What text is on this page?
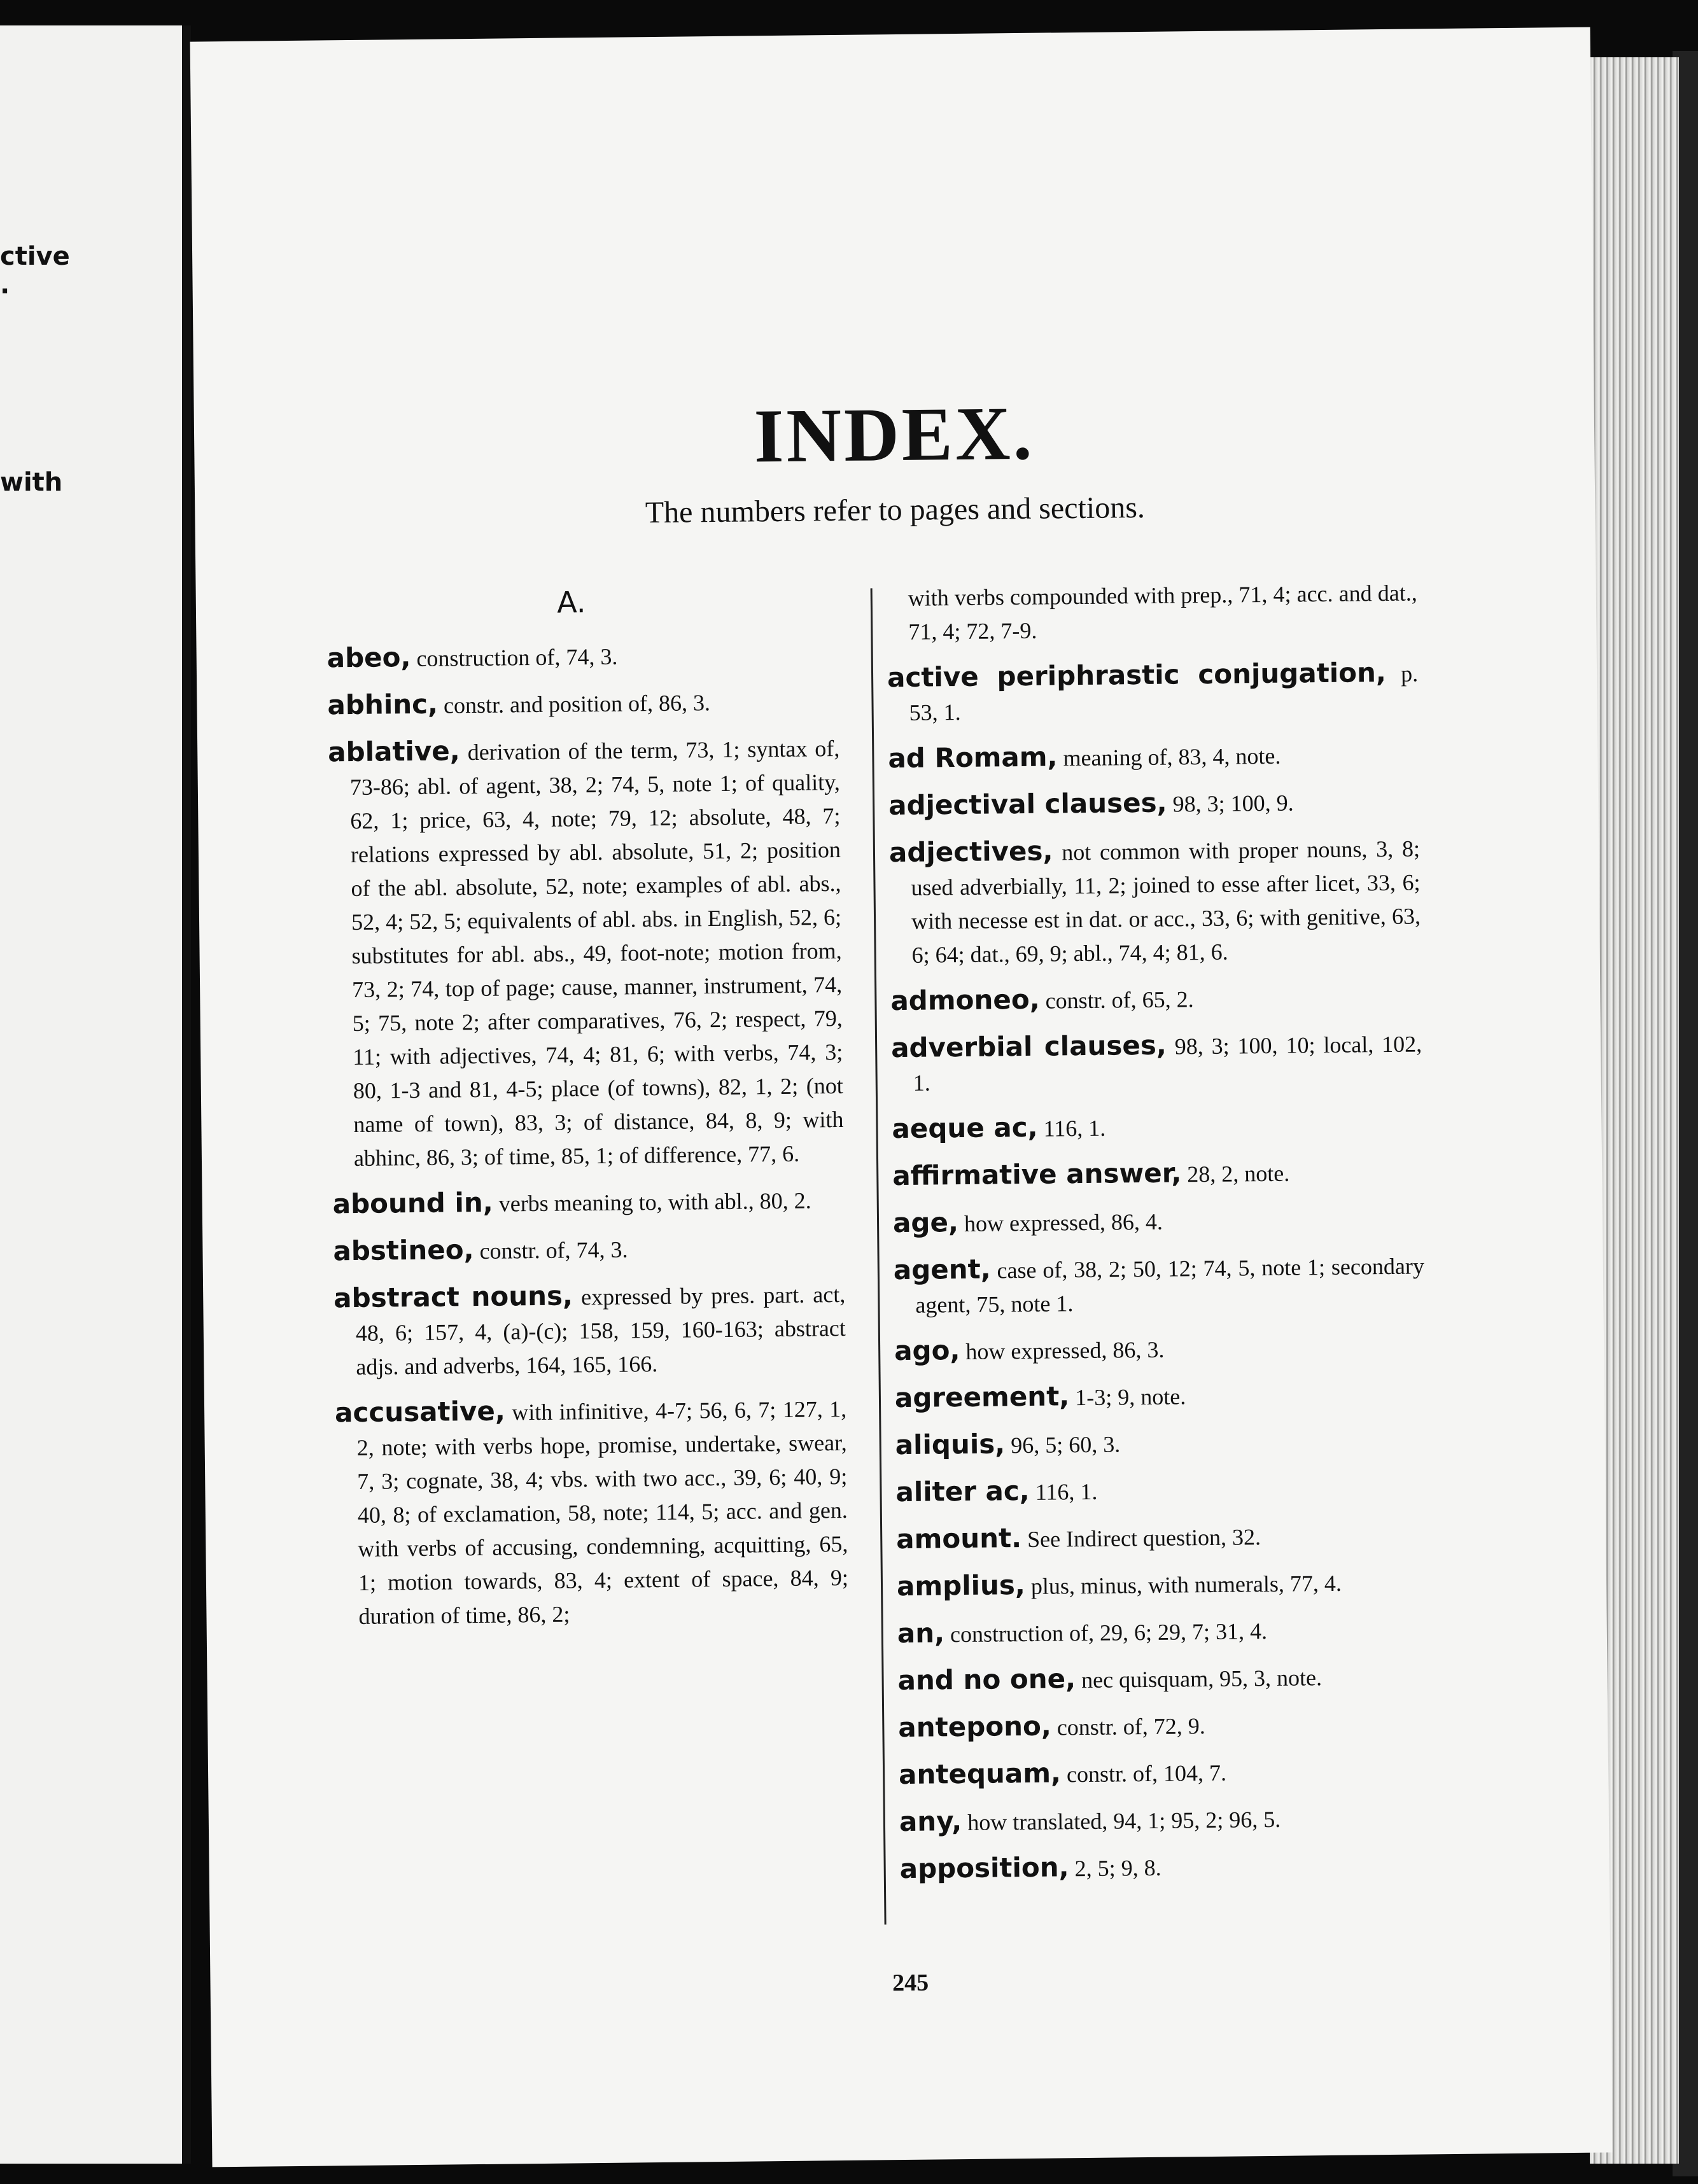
ctive
.
with
INDEX.
The numbers refer to pages and sections.
A.
abeo, construction of, 74, 3.
abhinc, constr. and position of, 86, 3.
ablative, derivation of the term, 73, 1; syntax of, 73-86; abl. of agent, 38, 2; 74, 5, note 1; of quality, 62, 1; price, 63, 4, note; 79, 12; absolute, 48, 7; relations expressed by abl. absolute, 51, 2; position of the abl. absolute, 52, note; examples of abl. abs., 52, 4; 52, 5; equivalents of abl. abs. in English, 52, 6; substitutes for abl. abs., 49, foot-note; motion from, 73, 2; 74, top of page; cause, manner, instrument, 74, 5; 75, note 2; after comparatives, 76, 2; respect, 79, 11; with adjectives, 74, 4; 81, 6; with verbs, 74, 3; 80, 1-3 and 81, 4-5; place (of towns), 82, 1, 2; (not name of town), 83, 3; of distance, 84, 8, 9; with abhinc, 86, 3; of time, 85, 1; of difference, 77, 6.
abound in, verbs meaning to, with abl., 80, 2.
abstineo, constr. of, 74, 3.
abstract nouns, expressed by pres. part. act, 48, 6; 157, 4, (a)-(c); 158, 159, 160-163; abstract adjs. and adverbs, 164, 165, 166.
accusative, with infinitive, 4-7; 56, 6, 7; 127, 1, 2, note; with verbs hope, promise, undertake, swear, 7, 3; cognate, 38, 4; vbs. with two acc., 39, 6; 40, 9; 40, 8; of exclamation, 58, note; 114, 5; acc. and gen. with verbs of accusing, condemning, acquitting, 65, 1; motion towards, 83, 4; extent of space, 84, 9; duration of time, 86, 2;
with verbs compounded with prep., 71, 4; acc. and dat., 71, 4; 72, 7-9.
active periphrastic conjugation, p. 53, 1.
ad Romam, meaning of, 83, 4, note.
adjectival clauses, 98, 3; 100, 9.
adjectives, not common with proper nouns, 3, 8; used adverbially, 11, 2; joined to esse after licet, 33, 6; with necesse est in dat. or acc., 33, 6; with genitive, 63, 6; 64; dat., 69, 9; abl., 74, 4; 81, 6.
admoneo, constr. of, 65, 2.
adverbial clauses, 98, 3; 100, 10; local, 102, 1.
aeque ac, 116, 1.
affirmative answer, 28, 2, note.
age, how expressed, 86, 4.
agent, case of, 38, 2; 50, 12; 74, 5, note 1; secondary agent, 75, note 1.
ago, how expressed, 86, 3.
agreement, 1-3; 9, note.
aliquis, 96, 5; 60, 3.
aliter ac, 116, 1.
amount. See Indirect question, 32.
amplius, plus, minus, with numerals, 77, 4.
an, construction of, 29, 6; 29, 7; 31, 4.
and no one, nec quisquam, 95, 3, note.
antepono, constr. of, 72, 9.
antequam, constr. of, 104, 7.
any, how translated, 94, 1; 95, 2; 96, 5.
apposition, 2, 5; 9, 8.
245
